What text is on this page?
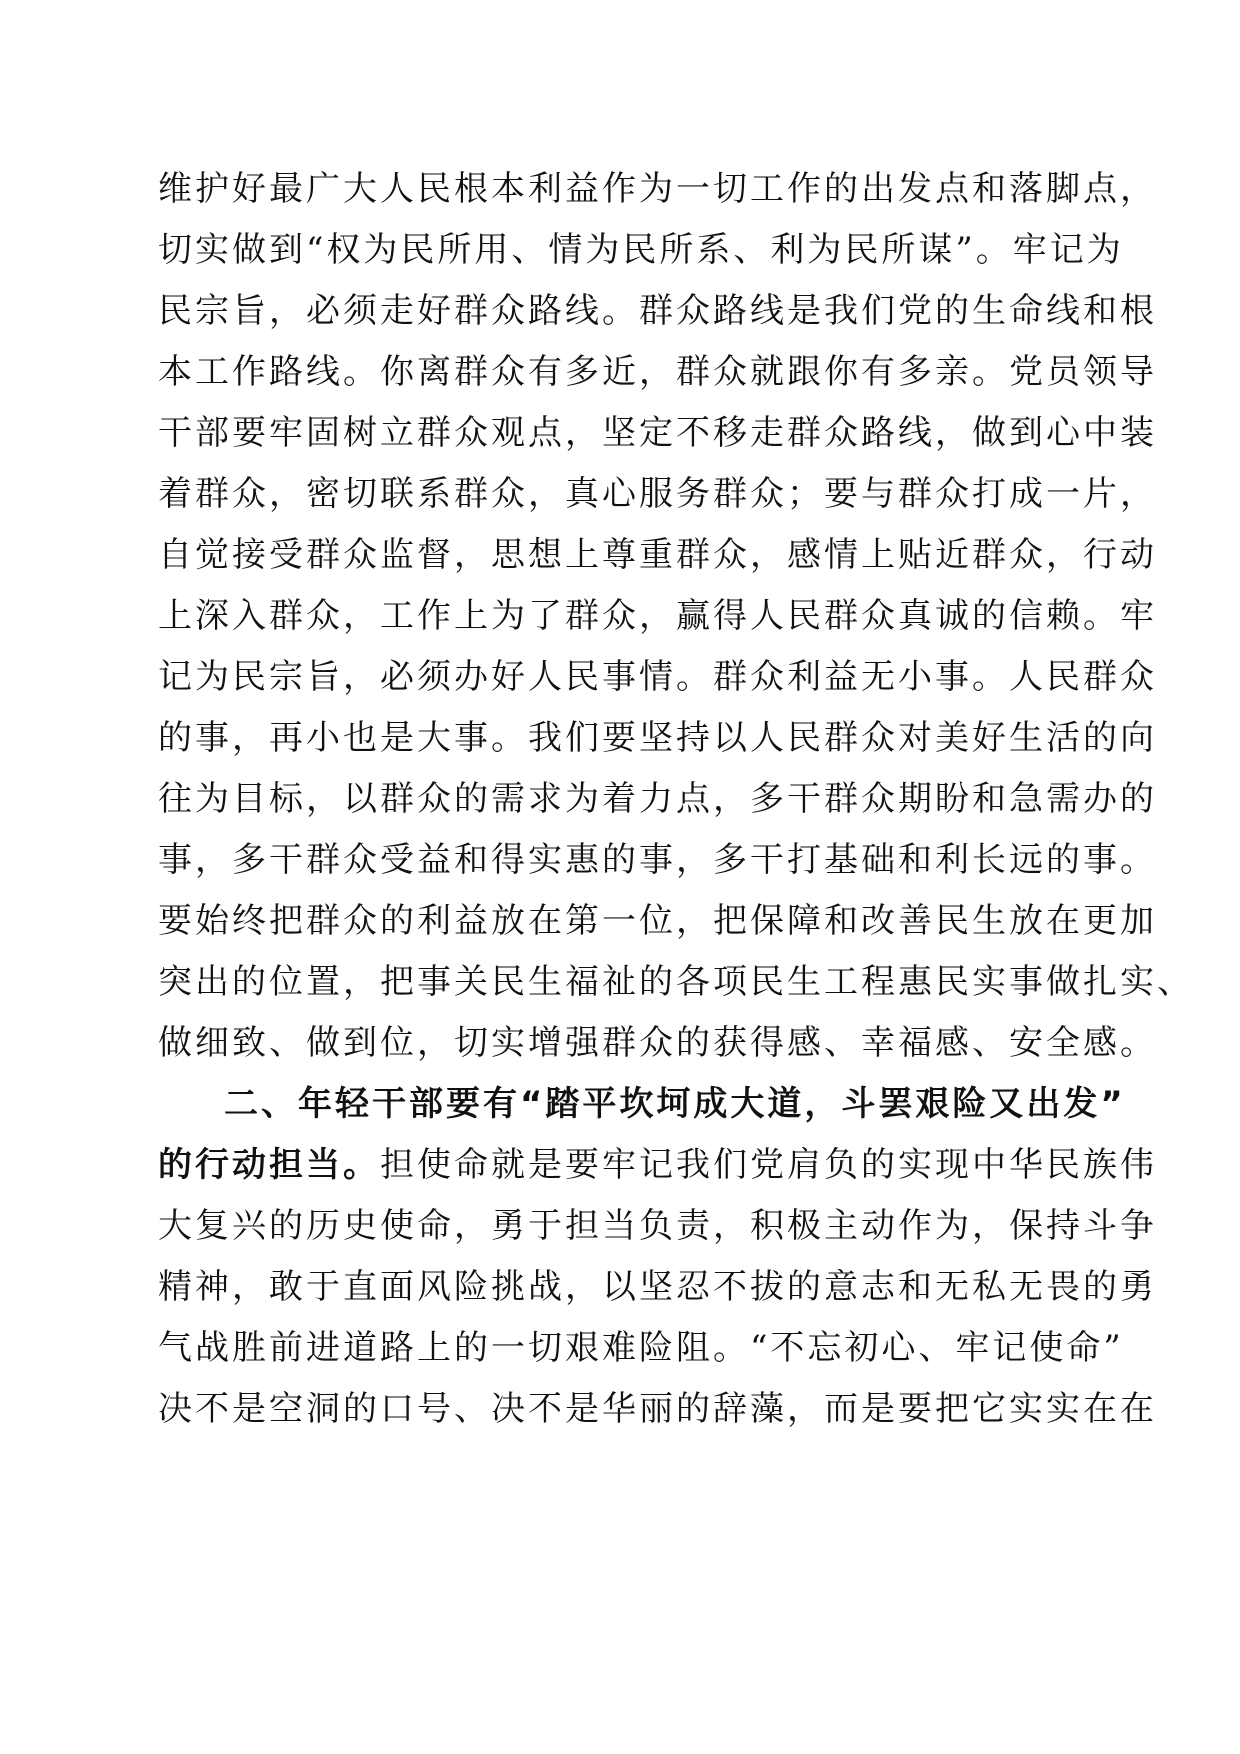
维护好最广大人民根本利益作为一切工作的出发点和落脚点，
切实做到“权为民所用、情为民所系、利为民所谋”。牢记为
民宗旨，必须走好群众路线。群众路线是我们党的生命线和根
本工作路线。你离群众有多近，群众就跟你有多亲。党员领导
干部要牢固树立群众观点，坚定不移走群众路线，做到心中装
着群众，密切联系群众，真心服务群众；要与群众打成一片，
自觉接受群众监督，思想上尊重群众，感情上贴近群众，行动
上深入群众，工作上为了群众，赢得人民群众真诚的信赖。牢
记为民宗旨，必须办好人民事情。群众利益无小事。人民群众
的事，再小也是大事。我们要坚持以人民群众对美好生活的向
往为目标，以群众的需求为着力点，多干群众期盼和急需办的
事，多干群众受益和得实惠的事，多干打基础和利长远的事。
要始终把群众的利益放在第一位，把保障和改善民生放在更加
突出的位置，把事关民生福祉的各项民生工程惠民实事做扎实、
做细致、做到位，切实增强群众的获得感、幸福感、安全感。
二、年轻干部要有“踏平坎坷成大道，斗罢艰险又出发”
的行动担当。担使命就是要牢记我们党肩负的实现中华民族伟
大复兴的历史使命，勇于担当负责，积极主动作为，保持斗争
精神，敢于直面风险挑战，以坚忍不拔的意志和无私无畏的勇
气战胜前进道路上的一切艰难险阻。“不忘初心、牢记使命”
决不是空洞的口号、决不是华丽的辞藻，而是要把它实实在在
